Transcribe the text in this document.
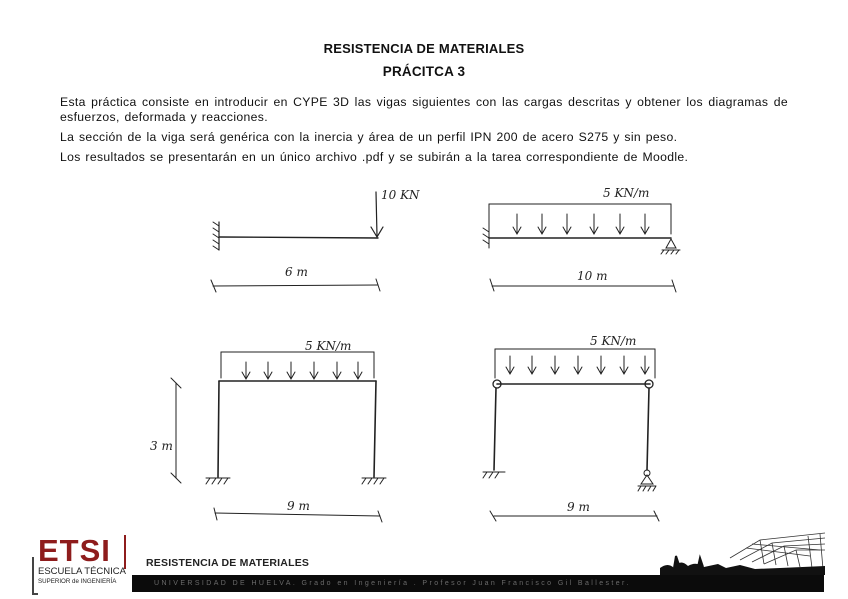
RESISTENCIA DE MATERIALES
PRÁCITCA 3
Esta práctica consiste en introducir en CYPE 3D las vigas siguientes con las cargas descritas y obtener los diagramas de esfuerzos, deformada y reacciones.
La sección de la viga será genérica con la inercia y área de un perfil IPN 200 de acero S275 y sin peso.
Los resultados se presentarán en un único archivo .pdf y se subirán a la tarea correspondiente de Moodle.
10 KN
6 m
5 KN/m
10 m
5 KN/m
3 m
9 m
5 KN/m
9 m
ETSI
ESCUELA TÉCNICA
SUPERIOR de INGENIERÍA
RESISTENCIA DE MATERIALES
UNIVERSIDAD DE HUELVA. Grado en Ingeniería . Profesor Juan Francisco Gil Ballester.
